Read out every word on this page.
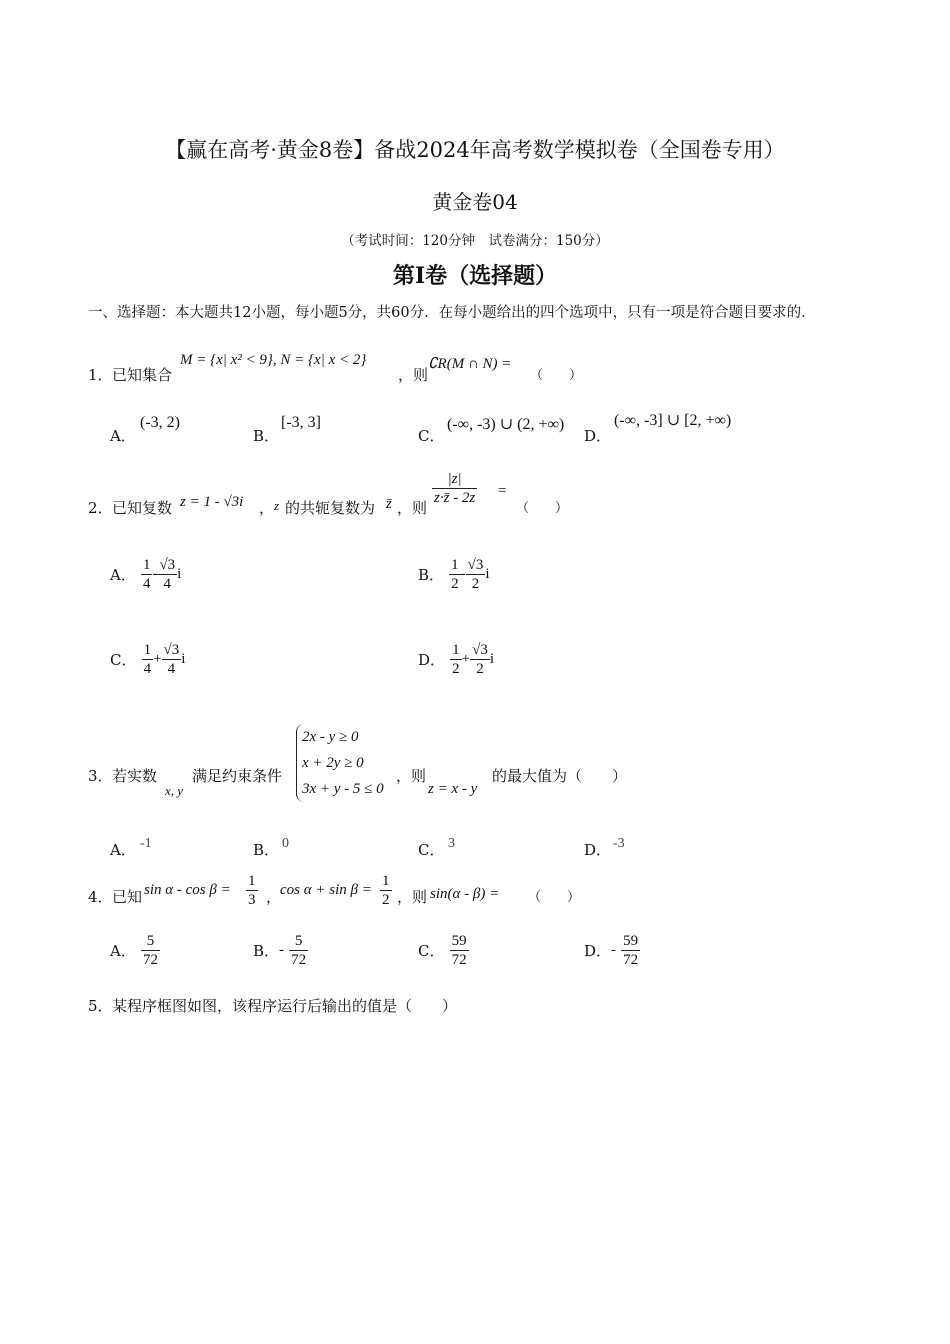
【赢在高考·黄金8卷】备战2024年高考数学模拟卷（全国卷专用）
黄金卷04
（考试时间：120分钟　试卷满分：150分）
第I卷（选择题）
一、选择题：本大题共12小题，每小题5分，共60分．在每小题给出的四个选项中，只有一项是符合题目要求的．
1． 已知集合
M = {x| x² < 9}, N = {x| x < 2}
，则
∁R(M ∩ N) =
（　　）
A．
(-3, 2)
B．
[-3, 3]
C．
(-∞, -3) ∪ (2, +∞)
D．
(-∞, -3] ∪ [2, +∞)
2． 已知复数 z = 1 - √3i ， z 的共轭复数为 z̄ ，则
$\frac{|z|}{z\cdot z̄ - 2z}$ =
（　　）
A． $\frac{1}{4} - \frac{√3}{4}$ i	B． $\frac{1}{2} - \frac{√3}{2}$ i
C． $\frac{1}{4} + \frac{√3}{4}$ i	D． $\frac{1}{2} + \frac{√3}{2}$ i
3． 若实数
x, y
满足约束条件
2x - y ≥ 0
x + 2y ≥ 0
3x + y - 5 ≤ 0
，则
z = x - y
的最大值为（　　）
A． -1	B． 0	C． 3	D． -3
4． 已知 $\sin \alpha - \cos \beta = \frac{1}{3}$ ，
$\cos \alpha + \sin \beta = \frac{1}{2}$ ，则 sin(α - β) = （　　）
A． $\frac{5}{72}$	B．- $\frac{5}{72}$	C． $\frac{59}{72}$	D．- $\frac{59}{72}$
5． 某程序框图如图，该程序运行后输出的值是（　　）
